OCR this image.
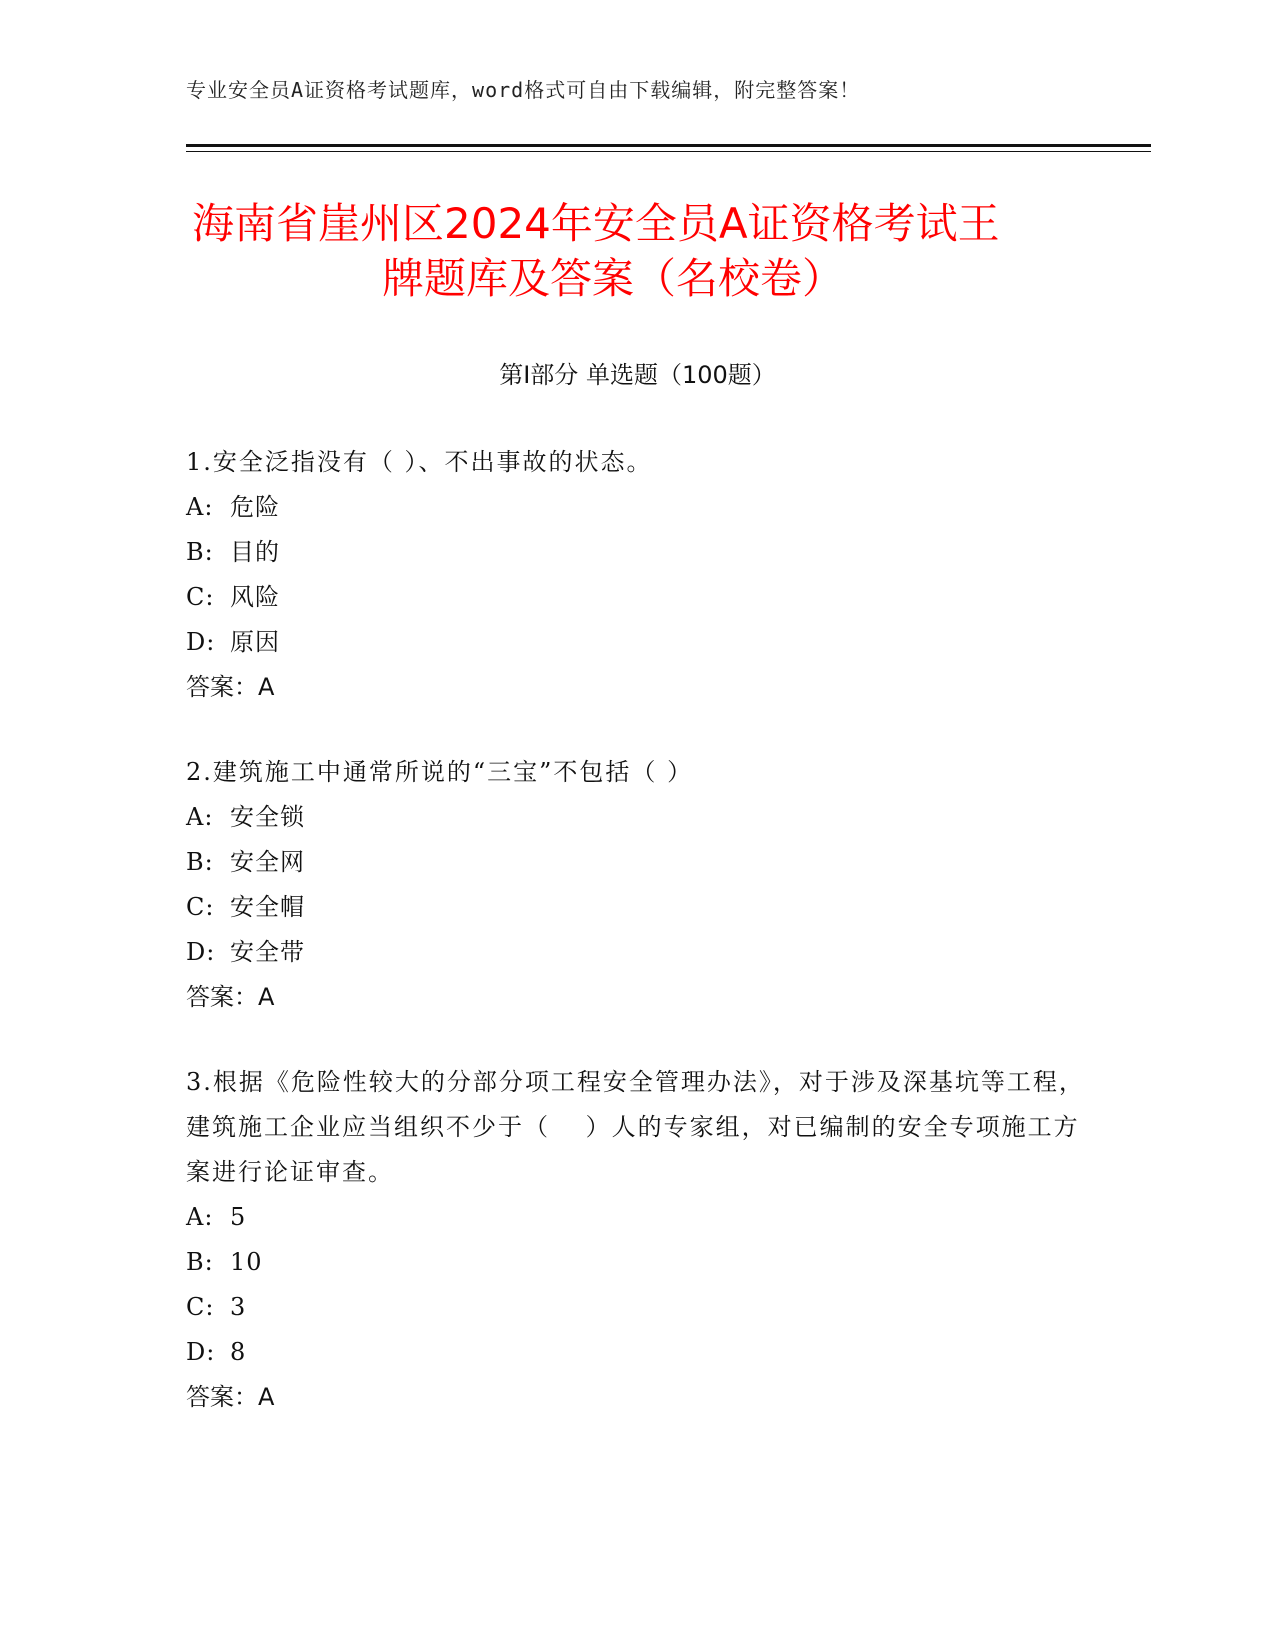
专业安全员A证资格考试题库，word格式可自由下载编辑，附完整答案！
海南省崖州区2024年安全员A证资格考试王
牌题库及答案（名校卷）
第Ⅰ部分 单选题（100题）
1.安全泛指没有（ ）、不出事故的状态。
A: 危险
B: 目的
C: 风险
D: 原因
答案：A
2.建筑施工中通常所说的“三宝”不包括（ ）
A: 安全锁
B: 安全网
C: 安全帽
D: 安全带
答案：A
3.根据《危险性较大的分部分项工程安全管理办法》，对于涉及深基坑等工程，建筑施工企业应当组织不少于（　 ）人的专家组，对已编制的安全专项施工方案进行论证审查。
A: 5
B: 10
C: 3
D: 8
答案：A
